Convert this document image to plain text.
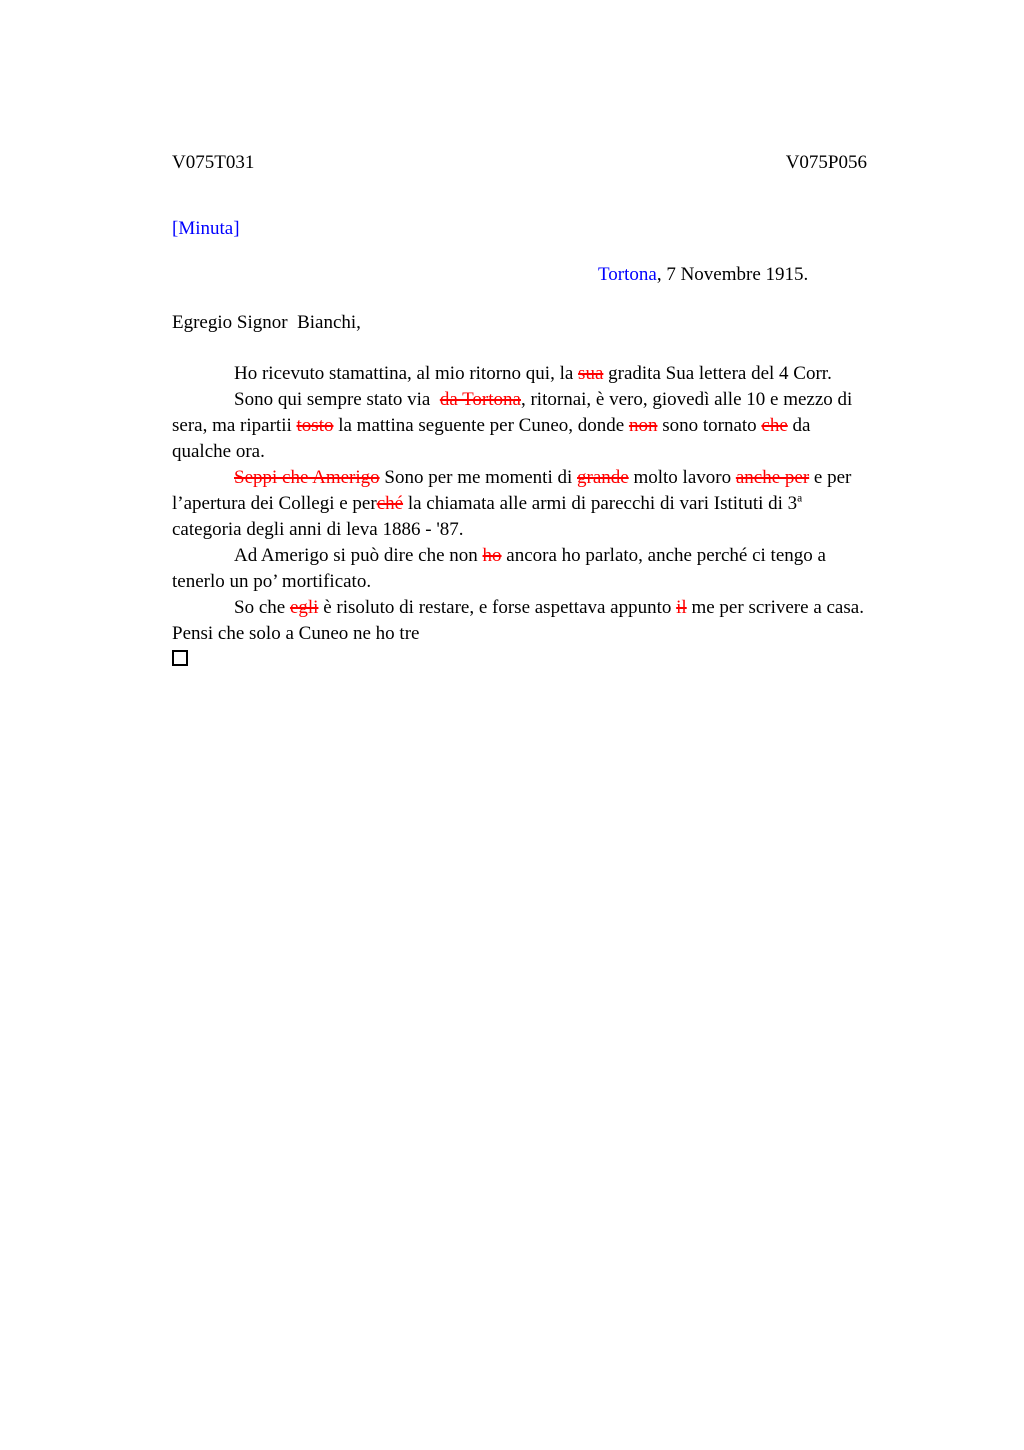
V075T031	V075P056
[Minuta]
Tortona, 7 Novembre 1915.
Egregio Signor  Bianchi,
Ho ricevuto stamattina, al mio ritorno qui, la sua gradita Sua lettera del 4 Corr.
Sono qui sempre stato via  da Tortona, ritornai, è vero, giovedì alle 10 e mezzo di
sera, ma ripartii tosto la mattina seguente per Cuneo, donde non sono tornato che da
qualche ora.
Seppi che Amerigo Sono per me momenti di grande molto lavoro anche per e per
l’apertura dei Collegi e perché la chiamata alle armi di parecchi di vari Istituti di 3$^a$
categoria degli anni di leva 1886 - '87.
Ad Amerigo si può dire che non ho ancora ho parlato, anche perché ci tengo a
tenerlo un po’ mortificato.
So che egli è risoluto di restare, e forse aspettava appunto il me per scrivere a casa.
Pensi che solo a Cuneo ne ho tre
